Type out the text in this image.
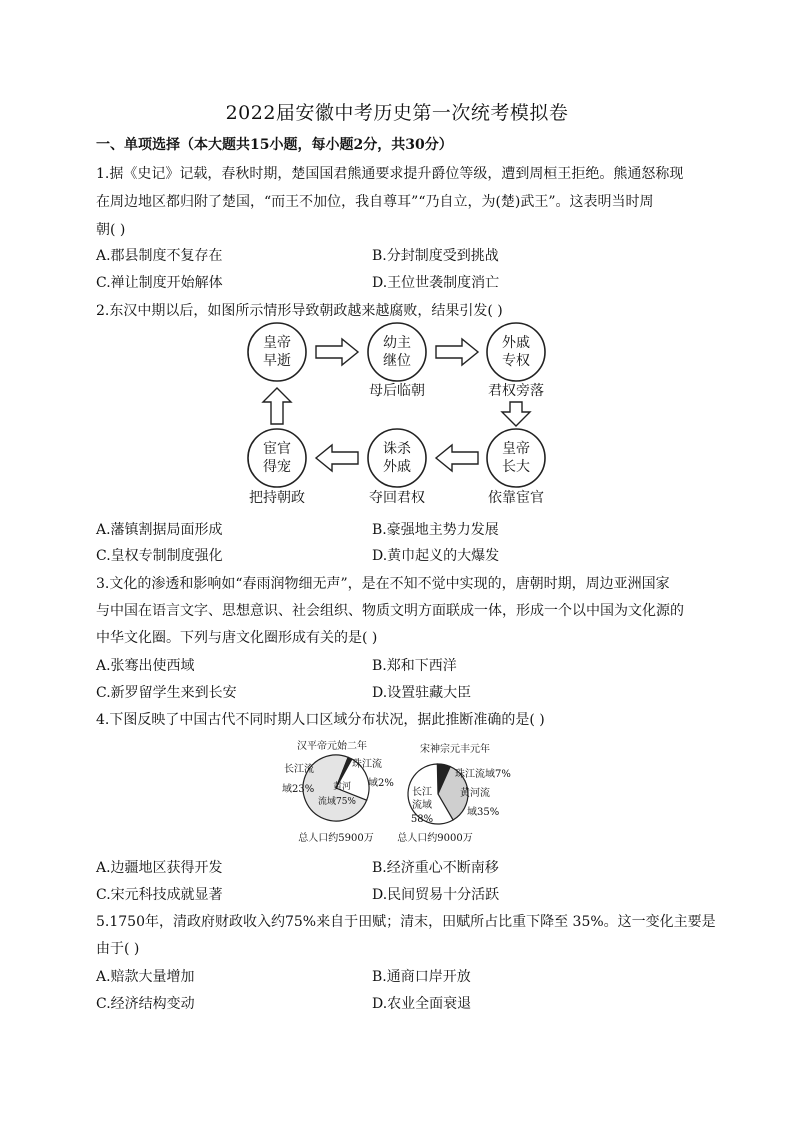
2022届安徽中考历史第一次统考模拟卷
一、单项选择（本大题共15小题，每小题2分，共30分）
1.据《史记》记载，春秋时期，楚国国君熊通要求提升爵位等级，遭到周桓王拒绝。熊通怒称现
在周边地区都归附了楚国，“而王不加位，我自尊耳”“乃自立，为(楚)武王”。这表明当时周
朝( )
A.郡县制度不复存在	B.分封制度受到挑战
C.禅让制度开始解体	D.王位世袭制度消亡
2.东汉中期以后，如图所示情形导致朝政越来越腐败，结果引发( )
皇帝
早逝
幼主
继位
母后临朝
外戚
专权
君权旁落
宦官
得宠
把持朝政
诛杀
外戚
夺回君权
皇帝
长大
依靠宦官
A.藩镇割据局面形成	B.豪强地主势力发展
C.皇权专制制度强化	D.黄巾起义的大爆发
3.文化的渗透和影响如“春雨润物细无声”，是在不知不觉中实现的，唐朝时期，周边亚洲国家
与中国在语言文字、思想意识、社会组织、物质文明方面联成一体，形成一个以中国为文化源的
中华文化圈。下列与唐文化圈形成有关的是( )
A.张骞出使西域	B.郑和下西洋
C.新罗留学生来到长安	D.设置驻藏大臣
4.下图反映了中国古代不同时期人口区域分布状况，据此推断准确的是( )
汉平帝元始二年	宋神宗元丰元年
长江流
域23%
珠江流
域2%
黄河
流域75%
珠江流域7%
黄河流
域35%
长江
流域
58%
总人口约5900万 总人口约9000万
A.边疆地区获得开发	B.经济重心不断南移
C.宋元科技成就显著	D.民间贸易十分活跃
5.1750年，清政府财政收入约75%来自于田赋；清末，田赋所占比重下降至 35%。这一变化主要是
由于( )
A.赔款大量增加	B.通商口岸开放
C.经济结构变动	D.农业全面衰退
